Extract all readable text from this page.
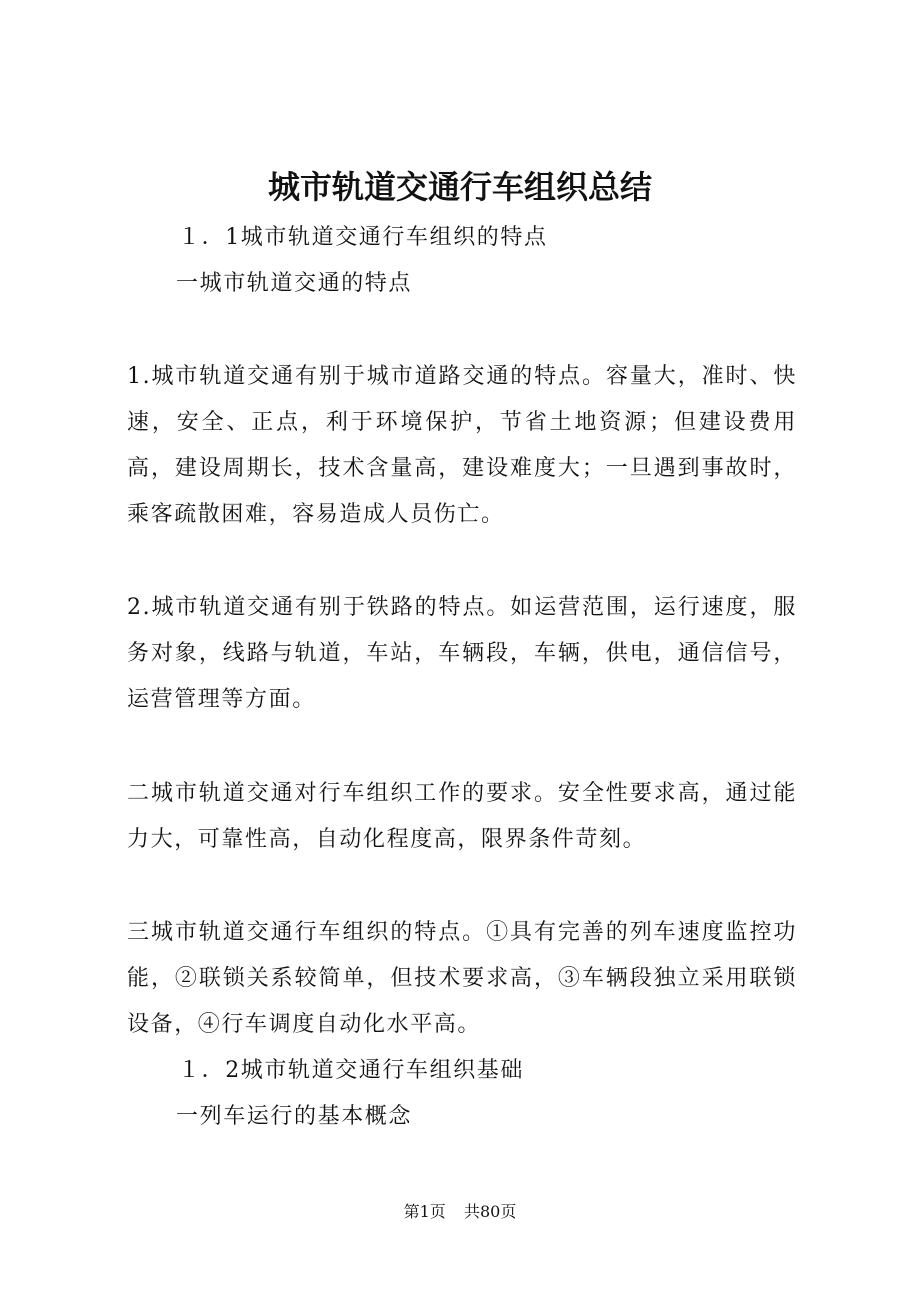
城市轨道交通行车组织总结
１．1城市轨道交通行车组织的特点
一城市轨道交通的特点
1.城市轨道交通有别于城市道路交通的特点。容量大，准时、快速，安全、正点，利于环境保护，节省土地资源；但建设费用高，建设周期长，技术含量高，建设难度大；一旦遇到事故时，乘客疏散困难，容易造成人员伤亡。
2.城市轨道交通有别于铁路的特点。如运营范围，运行速度，服务对象，线路与轨道，车站，车辆段，车辆，供电，通信信号，运营管理等方面。
二城市轨道交通对行车组织工作的要求。安全性要求高，通过能力大，可靠性高，自动化程度高，限界条件苛刻。
三城市轨道交通行车组织的特点。①具有完善的列车速度监控功能，②联锁关系较简单，但技术要求高，③车辆段独立采用联锁设备，④行车调度自动化水平高。
１．2城市轨道交通行车组织基础
一列车运行的基本概念
第1页 共80页
